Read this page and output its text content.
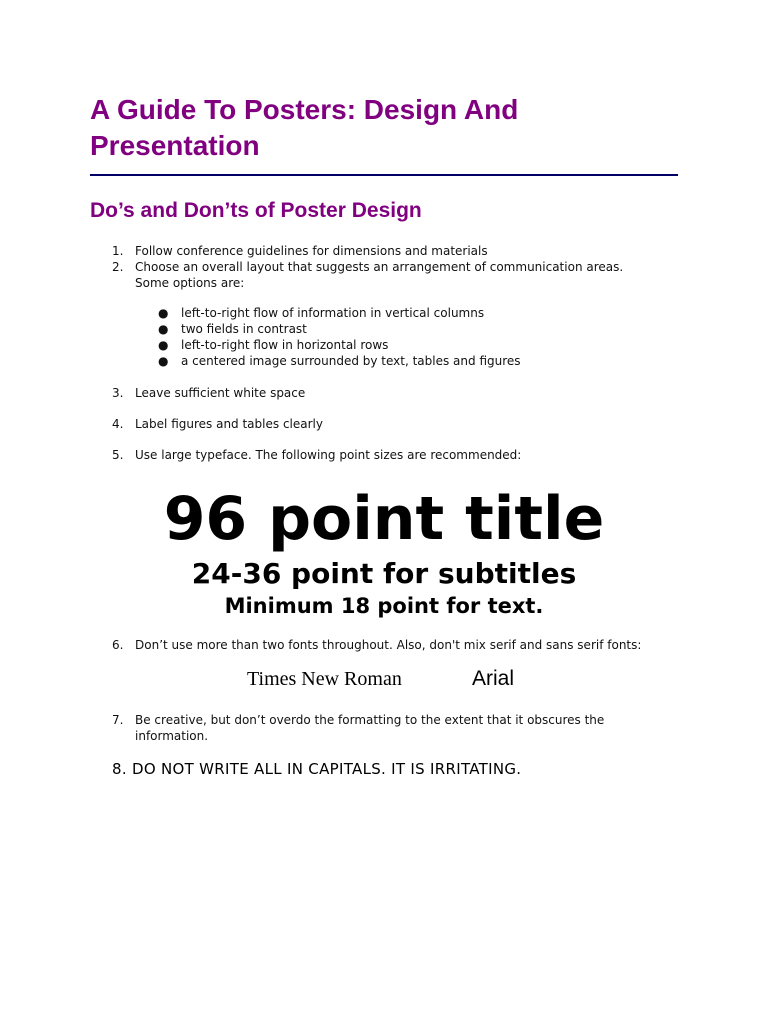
A Guide To Posters: Design And
Presentation
Do’s and Don’ts of Poster Design
1. Follow conference guidelines for dimensions and materials
2. Choose an overall layout that suggests an arrangement of communication areas.
Some options are:
● left-to-right flow of information in vertical columns
● two fields in contrast
● left-to-right flow in horizontal rows
● a centered image surrounded by text, tables and figures
3. Leave sufficient white space
4. Label figures and tables clearly
5. Use large typeface. The following point sizes are recommended:
96 point title
24-36 point for subtitles
Minimum 18 point for text.
6. Don’t use more than two fonts throughout. Also, don't mix serif and sans serif fonts:
Times New Roman	Arial
7. Be creative, but don’t overdo the formatting to the extent that it obscures the
information.
8. DO NOT WRITE ALL IN CAPITALS. IT IS IRRITATING.
